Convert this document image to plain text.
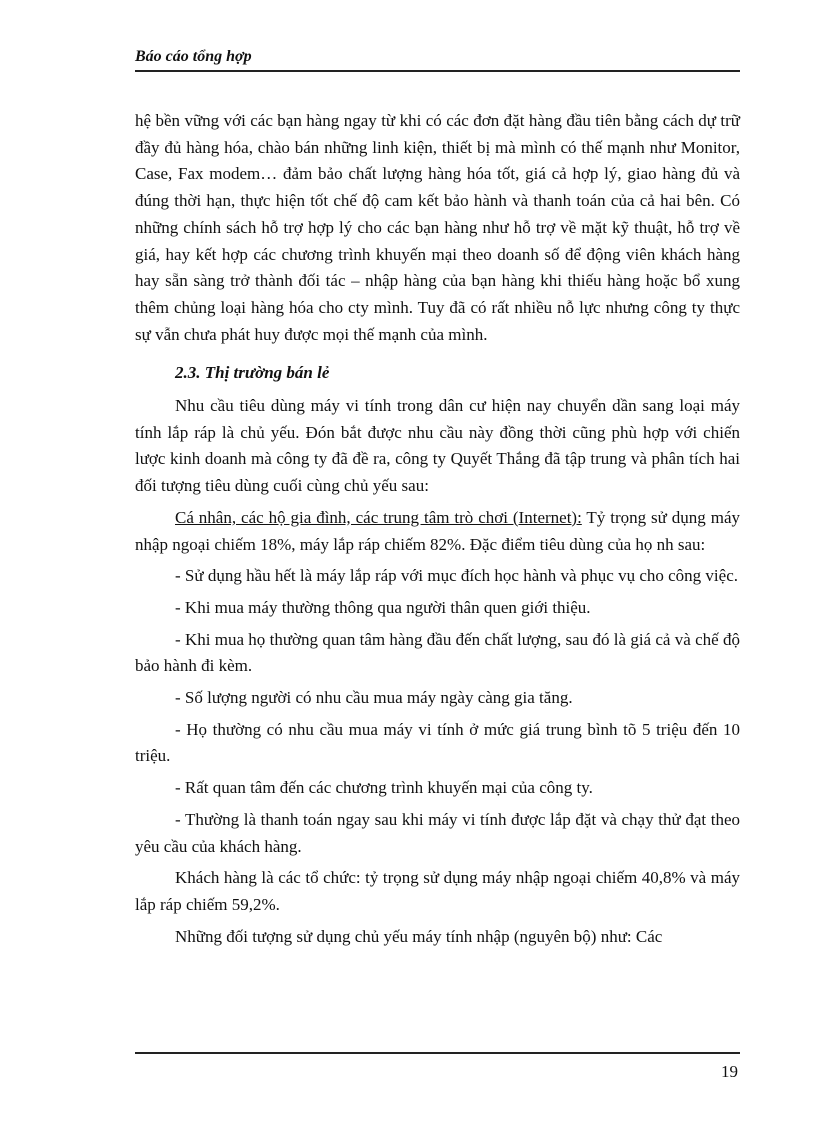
Báo cáo tổng hợp

hệ bền vững với các bạn hàng ngay từ khi có các đơn đặt hàng đầu tiên bằng cách dự trữ đầy đủ hàng hóa, chào bán những linh kiện, thiết bị mà mình có thế mạnh như Monitor, Case, Fax modem… đảm bảo chất lượng hàng hóa tốt, giá cả hợp lý, giao hàng đủ và đúng thời hạn, thực hiện tốt chế độ cam kết bảo hành và thanh toán của cả hai bên. Có những chính sách hỗ trợ hợp lý cho các bạn hàng như hỗ trợ về mặt kỹ thuật, hỗ trợ về giá, hay kết hợp các chương trình khuyến mại theo doanh số để động viên khách hàng hay sẵn sàng trở thành đối tác – nhập hàng của bạn hàng khi thiếu hàng hoặc bổ xung thêm chủng loại hàng hóa cho cty mình. Tuy đã có rất nhiều nỗ lực nhưng công ty thực sự vẫn chưa phát huy được mọi thế mạnh của mình.

2.3. Thị trường bán lẻ

Nhu cầu tiêu dùng máy vi tính trong dân cư hiện nay chuyển dần sang loại máy tính lắp ráp là chủ yếu. Đón bắt được nhu cầu này đồng thời cũng phù hợp với chiến lược kinh doanh mà công ty đã đề ra, công ty Quyết Thắng đã tập trung và phân tích hai đối tượng tiêu dùng cuối cùng chủ yếu sau:

Cá nhân, các hộ gia đình, các trung tâm trò chơi (Internet): Tỷ trọng sử dụng máy nhập ngoại chiếm 18%, máy lắp ráp chiếm 82%. Đặc điểm tiêu dùng của họ nh sau:

- Sử dụng hầu hết là máy lắp ráp với mục đích học hành và phục vụ cho công việc.

- Khi mua máy thường thông qua người thân quen giới thiệu.

- Khi mua họ thường quan tâm hàng đầu đến chất lượng, sau đó là giá cả và chế độ bảo hành đi kèm.

- Số lượng người có nhu cầu mua máy ngày càng gia tăng.

- Họ thường có nhu cầu mua máy vi tính ở mức giá trung bình tõ 5 triệu đến 10 triệu.

- Rất quan tâm đến các chương trình khuyến mại của công ty.

- Thường là thanh toán ngay sau khi máy vi tính được lắp đặt và chạy thử đạt theo yêu cầu của khách hàng.

Khách hàng là các tổ chức: tỷ trọng sử dụng máy nhập ngoại chiếm 40,8% và máy lắp ráp chiếm 59,2%.

Những đối tượng sử dụng chủ yếu máy tính nhập (nguyên bộ) như: Các

19
